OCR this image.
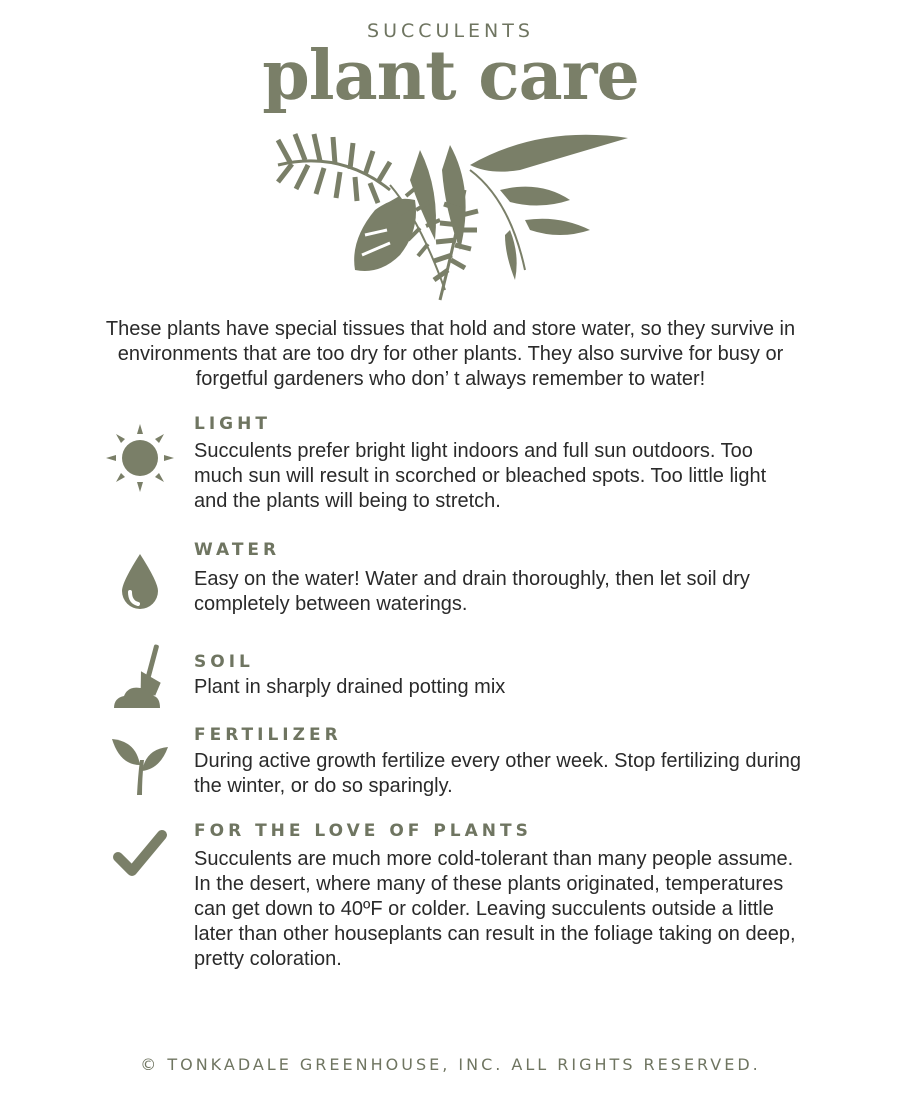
SUCCULENTS
plant care
These plants have special tissues that hold and store water, so they survive in environments that are too dry for other plants. They also survive for busy or forgetful gardeners who don’ t always remember to water!
LIGHT
Succulents prefer bright light indoors and full sun outdoors. Too much sun will result in scorched or bleached spots. Too little light and the plants will being to stretch.
WATER
Easy on the water! Water and drain thoroughly, then let soil dry completely between waterings.
SOIL
Plant in sharply drained potting mix
FERTILIZER
During active growth fertilize every other week. Stop fertilizing during the winter, or do so sparingly.
FOR THE LOVE OF PLANTS
Succulents are much more cold-tolerant than many people assume. In the desert, where many of these plants originated, temperatures can get down to 40ºF or colder. Leaving succulents outside a little later than other houseplants can result in the foliage taking on deep, pretty coloration.
© TONKADALE GREENHOUSE, INC. ALL RIGHTS RESERVED.
